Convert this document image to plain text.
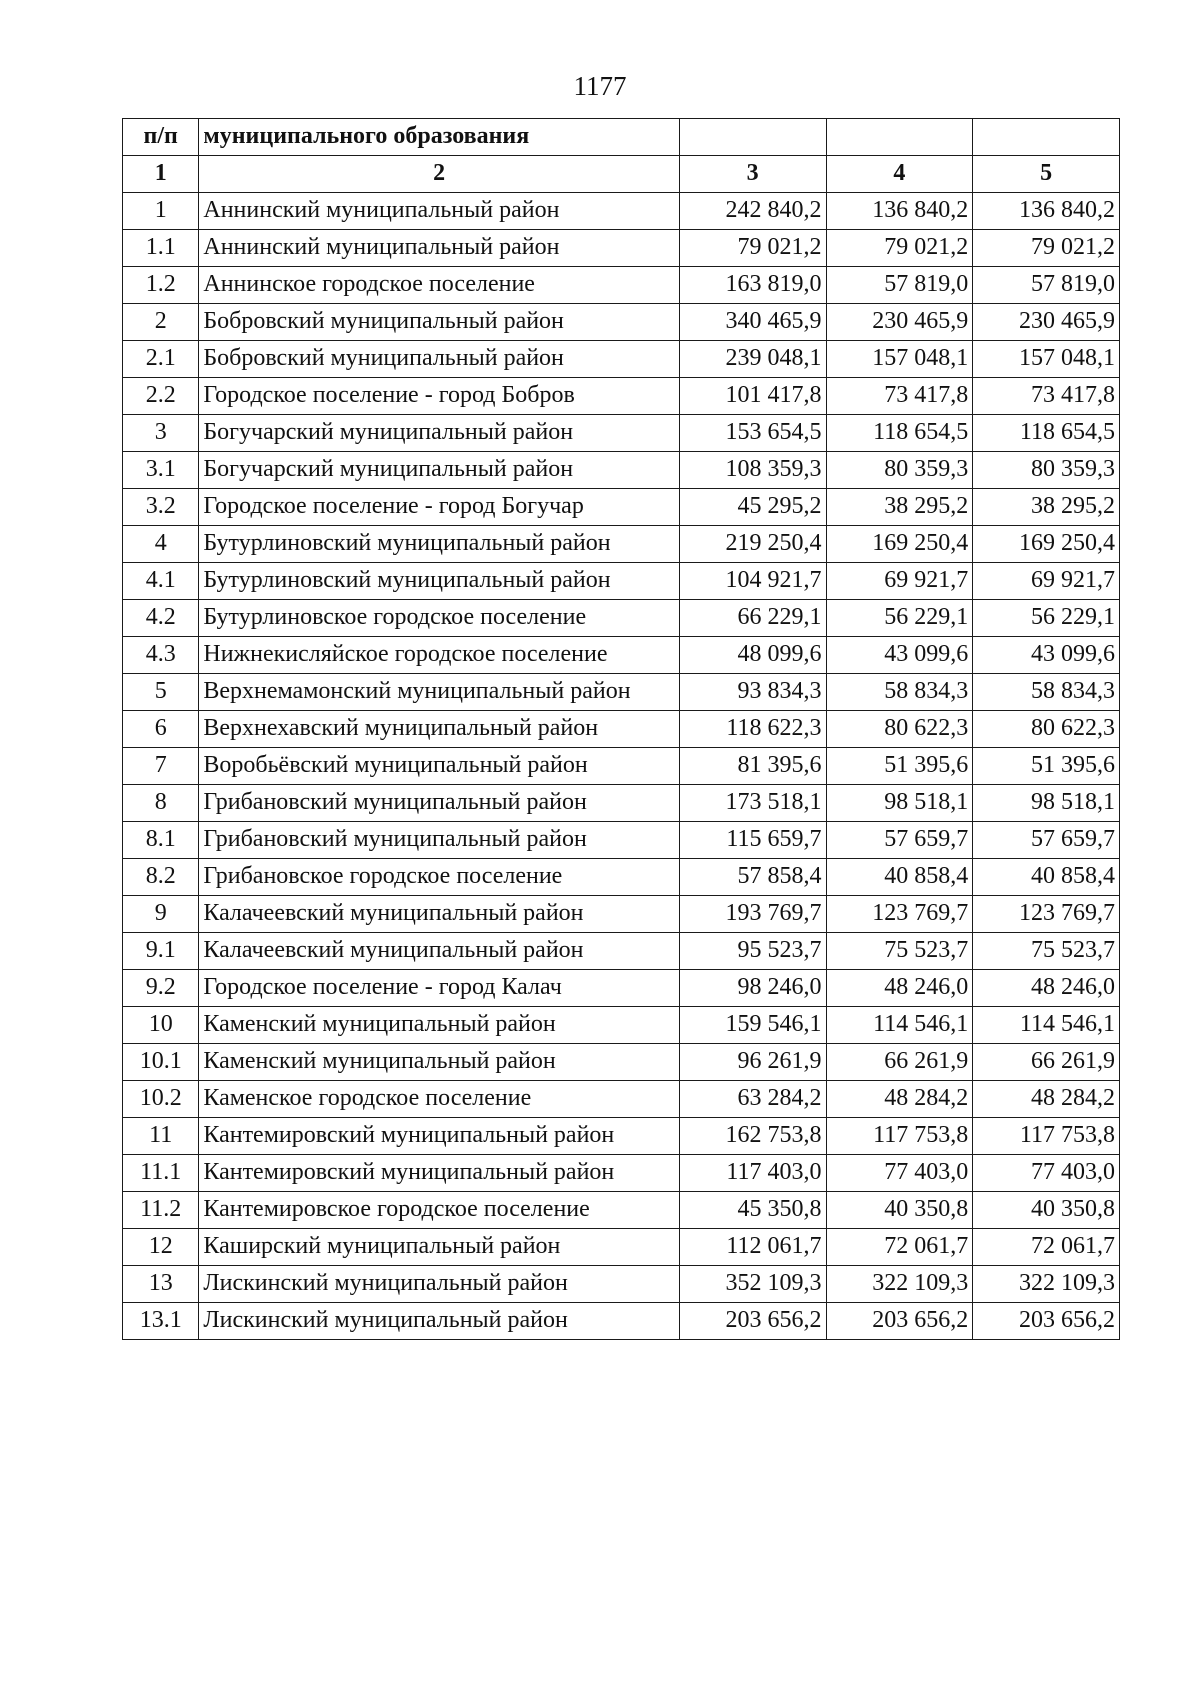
1177
п/п	муниципального образования			
1	2	3	4	5
1	Аннинский муниципальный район	242 840,2	136 840,2	136 840,2
1.1	Аннинский муниципальный район	79 021,2	79 021,2	79 021,2
1.2	Аннинское городское поселение	163 819,0	57 819,0	57 819,0
2	Бобровский муниципальный район	340 465,9	230 465,9	230 465,9
2.1	Бобровский муниципальный район	239 048,1	157 048,1	157 048,1
2.2	Городское поселение - город Бобров	101 417,8	73 417,8	73 417,8
3	Богучарский муниципальный район	153 654,5	118 654,5	118 654,5
3.1	Богучарский муниципальный район	108 359,3	80 359,3	80 359,3
3.2	Городское поселение - город Богучар	45 295,2	38 295,2	38 295,2
4	Бутурлиновский муниципальный район	219 250,4	169 250,4	169 250,4
4.1	Бутурлиновский муниципальный район	104 921,7	69 921,7	69 921,7
4.2	Бутурлиновское городское поселение	66 229,1	56 229,1	56 229,1
4.3	Нижнекисляйское городское поселение	48 099,6	43 099,6	43 099,6
5	Верхнемамонский муниципальный район	93 834,3	58 834,3	58 834,3
6	Верхнехавский муниципальный район	118 622,3	80 622,3	80 622,3
7	Воробьёвский муниципальный район	81 395,6	51 395,6	51 395,6
8	Грибановский муниципальный район	173 518,1	98 518,1	98 518,1
8.1	Грибановский муниципальный район	115 659,7	57 659,7	57 659,7
8.2	Грибановское городское поселение	57 858,4	40 858,4	40 858,4
9	Калачеевский муниципальный район	193 769,7	123 769,7	123 769,7
9.1	Калачеевский муниципальный район	95 523,7	75 523,7	75 523,7
9.2	Городское поселение - город Калач	98 246,0	48 246,0	48 246,0
10	Каменский муниципальный район	159 546,1	114 546,1	114 546,1
10.1	Каменский муниципальный район	96 261,9	66 261,9	66 261,9
10.2	Каменское городское поселение	63 284,2	48 284,2	48 284,2
11	Кантемировский муниципальный район	162 753,8	117 753,8	117 753,8
11.1	Кантемировский муниципальный район	117 403,0	77 403,0	77 403,0
11.2	Кантемировское городское поселение	45 350,8	40 350,8	40 350,8
12	Каширский муниципальный район	112 061,7	72 061,7	72 061,7
13	Лискинский муниципальный район	352 109,3	322 109,3	322 109,3
13.1	Лискинский муниципальный район	203 656,2	203 656,2	203 656,2
